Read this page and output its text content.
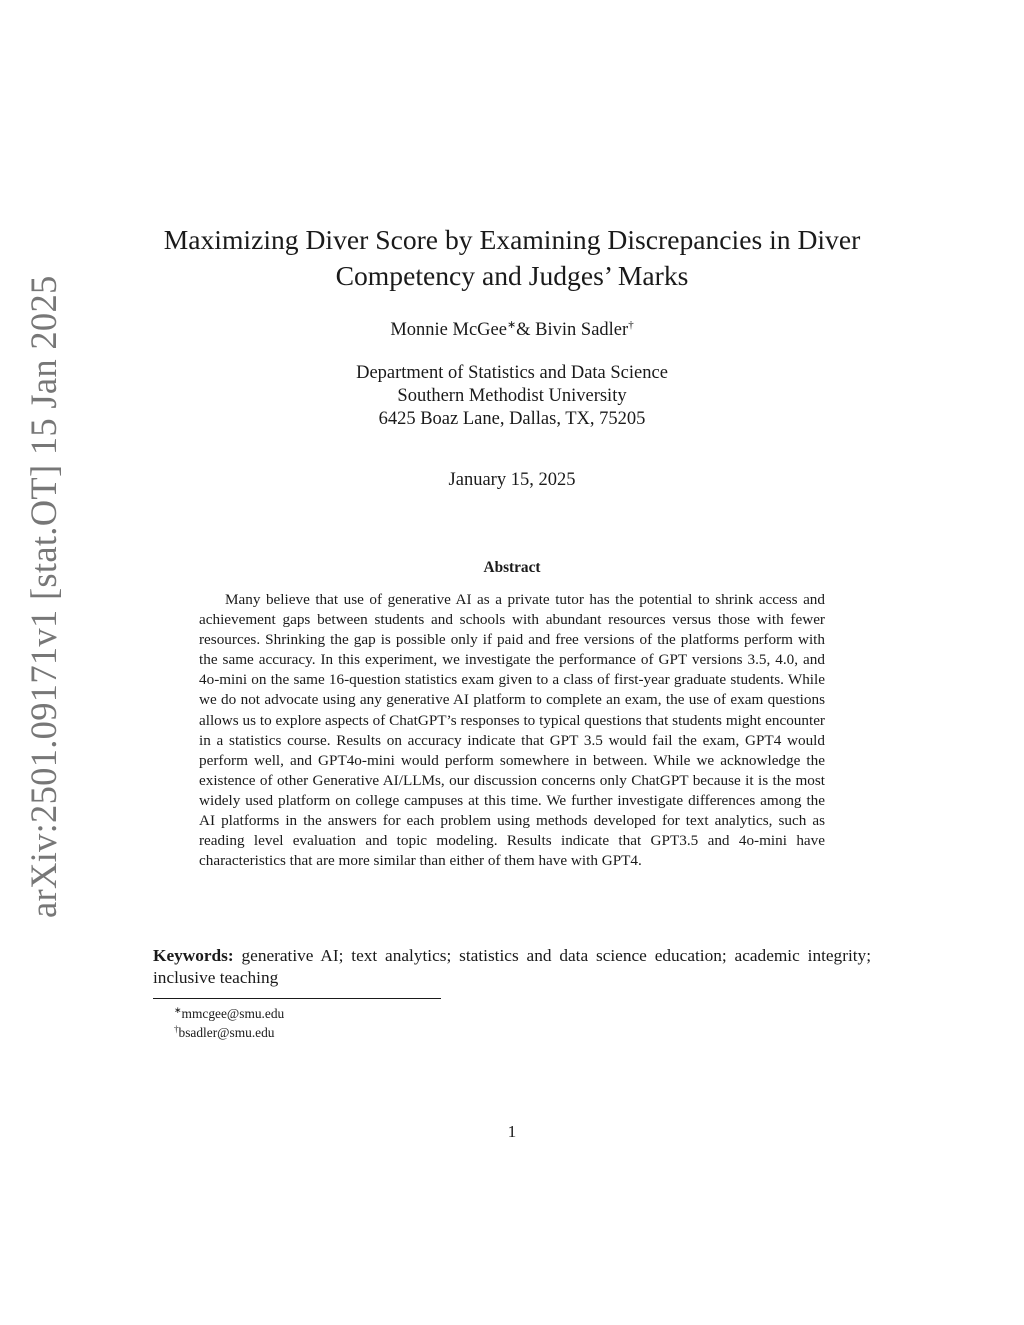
arXiv:2501.09171v1 [stat.OT] 15 Jan 2025
Maximizing Diver Score by Examining Discrepancies in Diver
Competency and Judges’ Marks
Monnie McGee∗& Bivin Sadler†
Department of Statistics and Data Science
Southern Methodist University
6425 Boaz Lane, Dallas, TX, 75205
January 15, 2025
Abstract

Many believe that use of generative AI as a private tutor has the potential to shrink access and achievement gaps between students and schools with abundant resources versus those with fewer resources. Shrinking the gap is possible only if paid and free versions of the platforms perform with the same accuracy. In this experiment, we investigate the performance of GPT versions 3.5, 4.0, and 4o-mini on the same 16-question statistics exam given to a class of first-year graduate students. While we do not advocate using any generative AI platform to complete an exam, the use of exam questions allows us to explore aspects of ChatGPT’s responses to typical questions that students might encounter in a statistics course. Results on accuracy indicate that GPT 3.5 would fail the exam, GPT4 would perform well, and GPT4o-mini would perform somewhere in between. While we acknowledge the existence of other Generative AI/LLMs, our discussion concerns only ChatGPT because it is the most widely used platform on college campuses at this time. We further investigate differences among the AI platforms in the answers for each problem using methods developed for text analytics, such as reading level evaluation and topic modeling. Results indicate that GPT3.5 and 4o-mini have characteristics that are more similar than either of them have with GPT4.

Keywords: generative AI; text analytics; statistics and data science education; academic integrity; inclusive teaching

∗mmcgee@smu.edu
†bsadler@smu.edu
1
